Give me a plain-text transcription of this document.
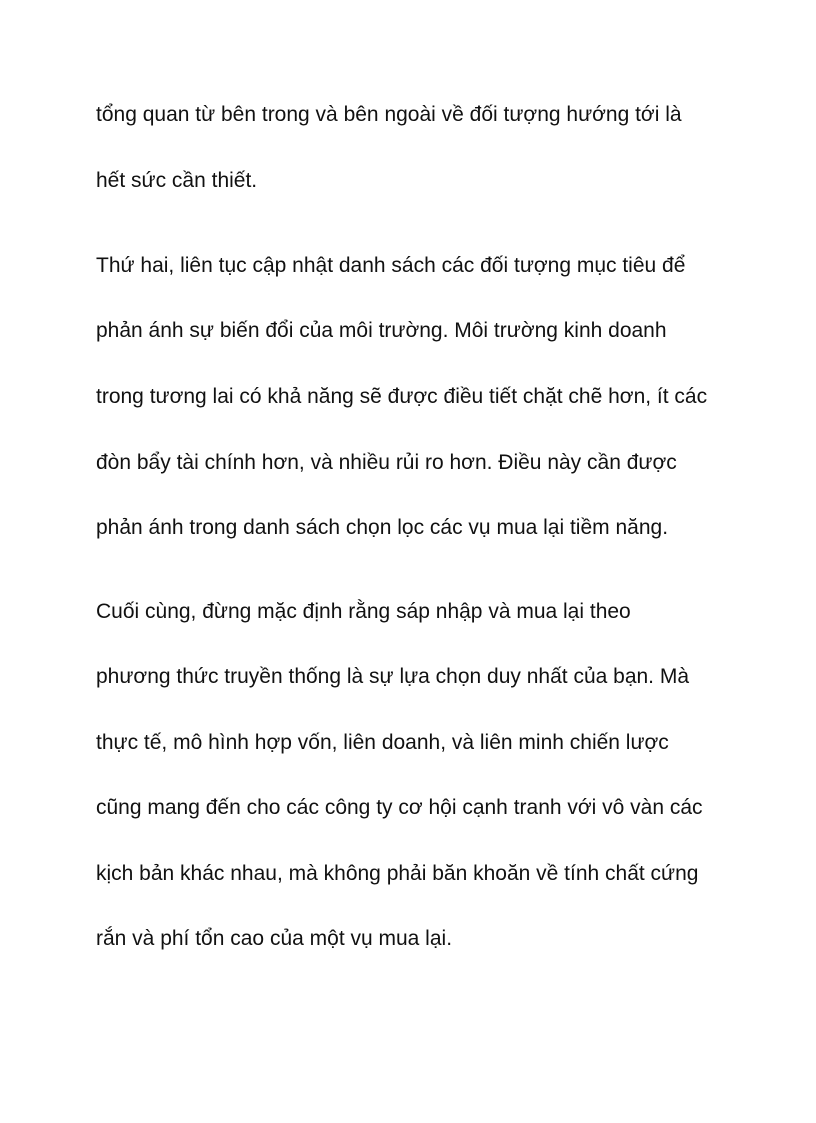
tổng quan từ bên trong và bên ngoài về đối tượng hướng tới là

hết sức cần thiết.

Thứ hai, liên tục cập nhật danh sách các đối tượng mục tiêu để

phản ánh sự biến đổi của môi trường. Môi trường kinh doanh

trong tương lai có khả năng sẽ được điều tiết chặt chẽ hơn, ít các

đòn bẩy tài chính hơn, và nhiều rủi ro hơn. Điều này cần được

phản ánh trong danh sách chọn lọc các vụ mua lại tiềm năng.

Cuối cùng, đừng mặc định rằng sáp nhập và mua lại theo

phương thức truyền thống là sự lựa chọn duy nhất của bạn. Mà

thực tế, mô hình hợp vốn, liên doanh, và liên minh chiến lược

cũng mang đến cho các công ty cơ hội cạnh tranh với vô vàn các

kịch bản khác nhau, mà không phải băn khoăn về tính chất cứng

rắn và phí tổn cao của một vụ mua lại.
